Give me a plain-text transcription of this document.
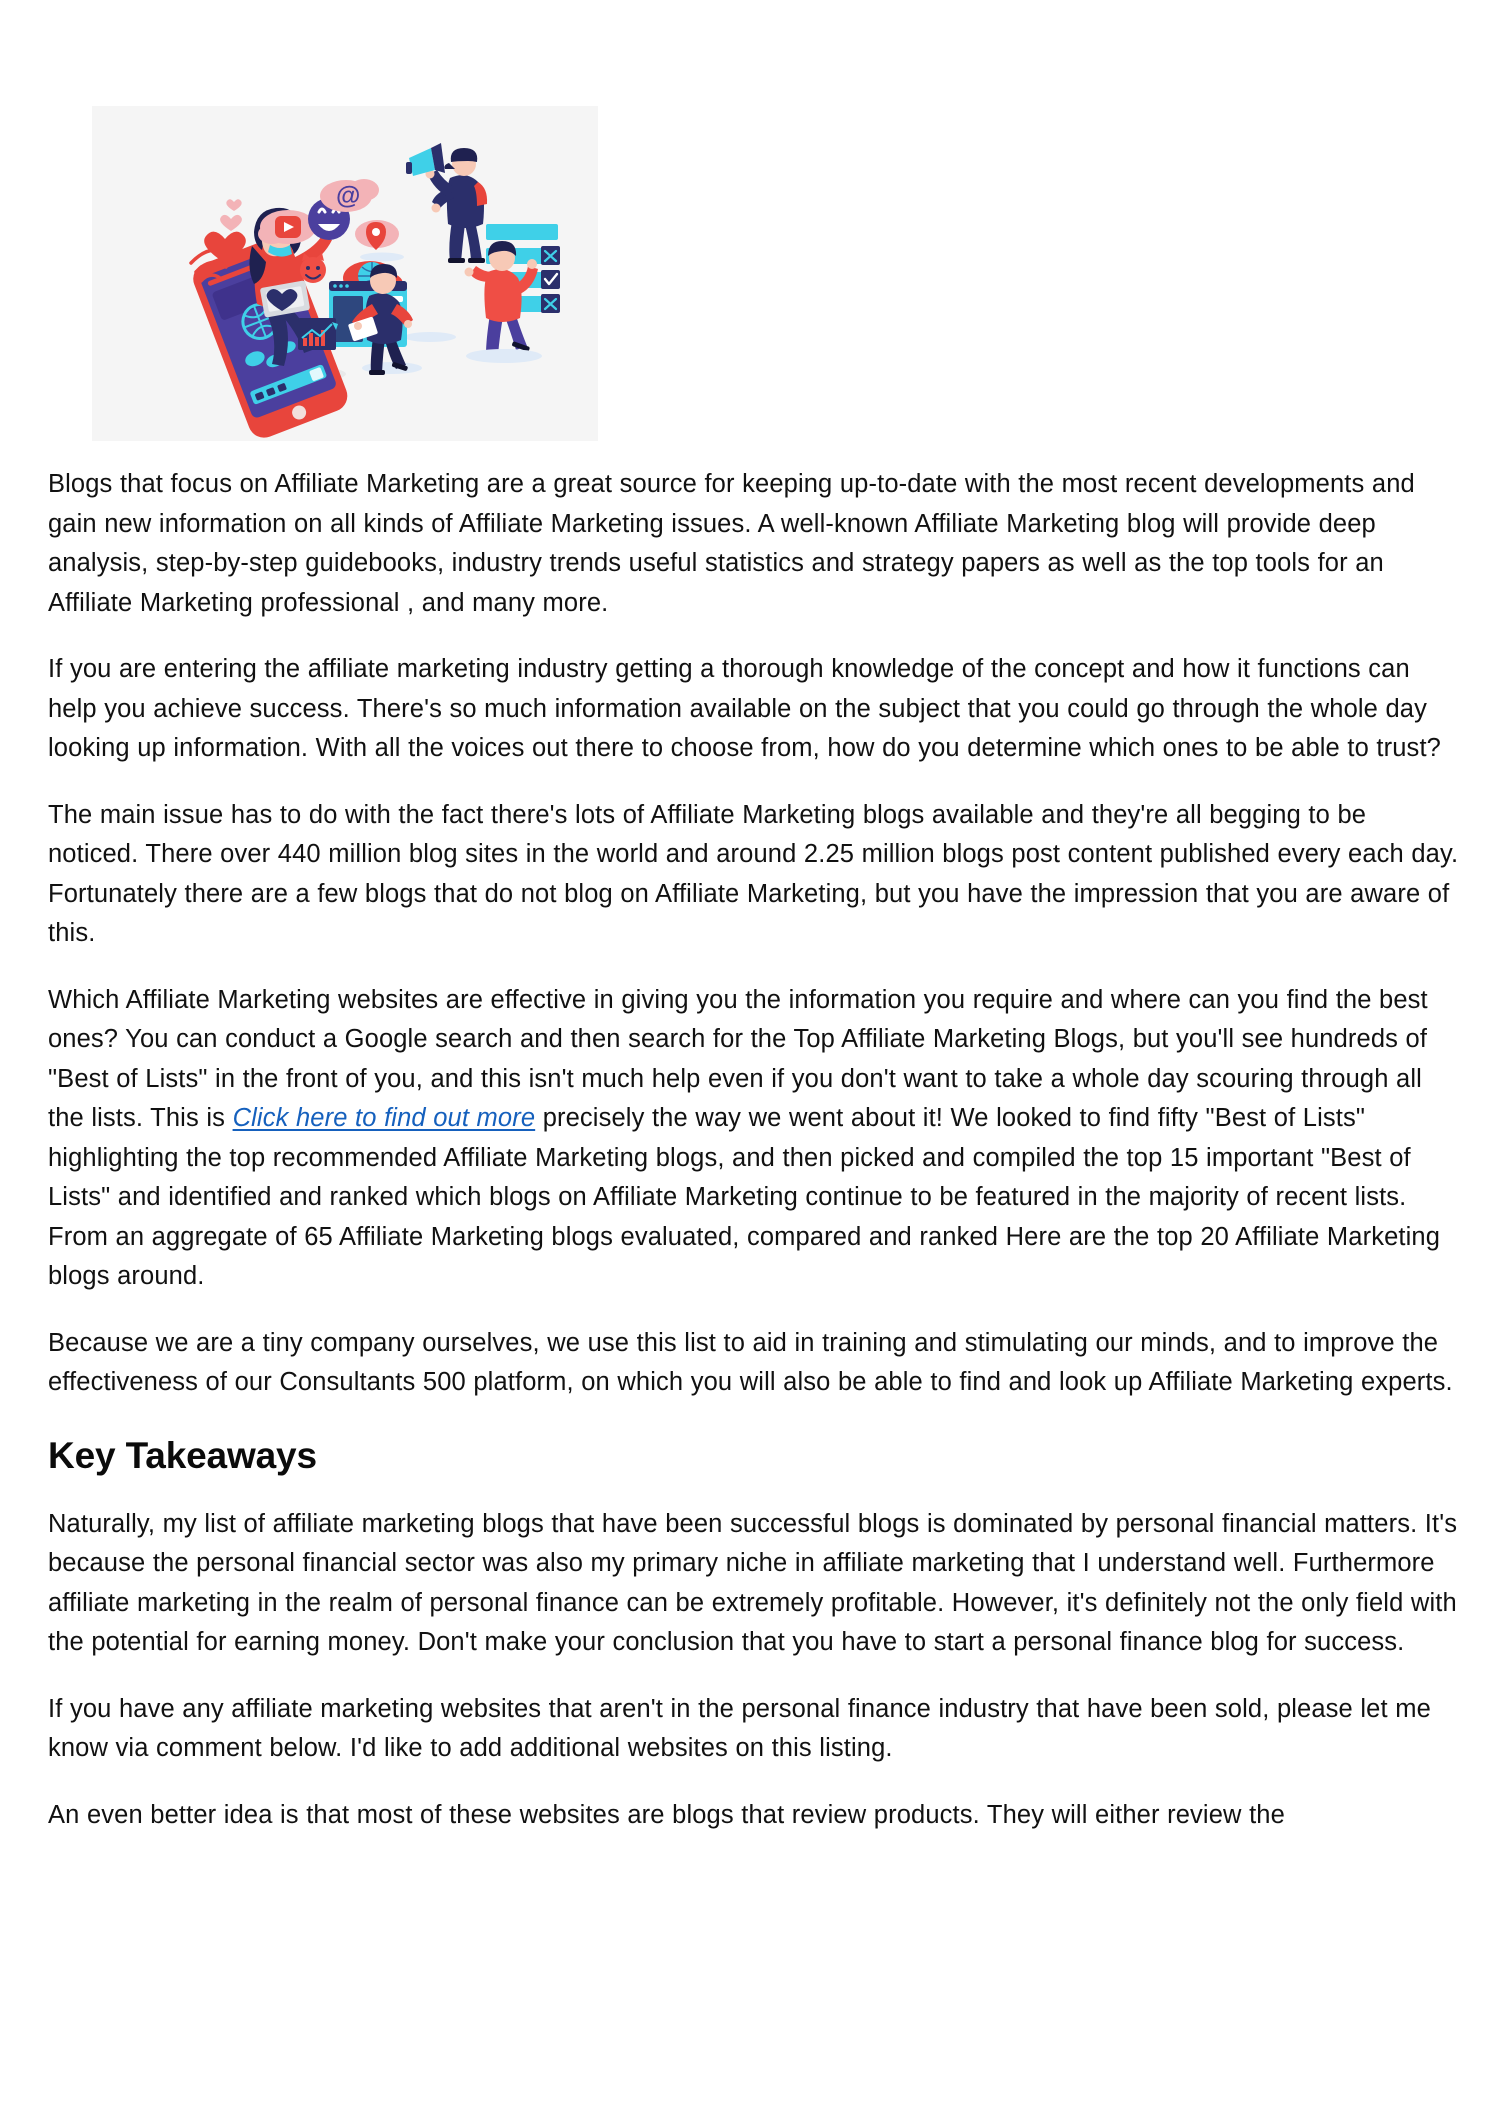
@

Blogs that focus on Affiliate Marketing are a great source for keeping up-to-date with the most recent developments and gain new information on all kinds of Affiliate Marketing issues. A well-known Affiliate Marketing blog will provide deep analysis, step-by-step guidebooks, industry trends useful statistics and strategy papers as well as the top tools for an Affiliate Marketing professional , and many more.

If you are entering the affiliate marketing industry getting a thorough knowledge of the concept and how it functions can help you achieve success. There's so much information available on the subject that you could go through the whole day looking up information. With all the voices out there to choose from, how do you determine which ones to be able to trust?

The main issue has to do with the fact there's lots of Affiliate Marketing blogs available and they're all begging to be noticed. There over 440 million blog sites in the world and around 2.25 million blogs post content published every each day. Fortunately there are a few blogs that do not blog on Affiliate Marketing, but you have the impression that you are aware of this.

Which Affiliate Marketing websites are effective in giving you the information you require and where can you find the best ones? You can conduct a Google search and then search for the Top Affiliate Marketing Blogs, but you'll see hundreds of "Best of Lists" in the front of you, and this isn't much help even if you don't want to take a whole day scouring through all the lists. This is Click here to find out more precisely the way we went about it! We looked to find fifty "Best of Lists" highlighting the top recommended Affiliate Marketing blogs, and then picked and compiled the top 15 important "Best of Lists" and identified and ranked which blogs on Affiliate Marketing continue to be featured in the majority of recent lists. From an aggregate of 65 Affiliate Marketing blogs evaluated, compared and ranked Here are the top 20 Affiliate Marketing blogs around.

Because we are a tiny company ourselves, we use this list to aid in training and stimulating our minds, and to improve the effectiveness of our Consultants 500 platform, on which you will also be able to find and look up Affiliate Marketing experts.

Key Takeaways

Naturally, my list of affiliate marketing blogs that have been successful blogs is dominated by personal financial matters. It's because the personal financial sector was also my primary niche in affiliate marketing that I understand well. Furthermore affiliate marketing in the realm of personal finance can be extremely profitable. However, it's definitely not the only field with the potential for earning money. Don't make your conclusion that you have to start a personal finance blog for success.

If you have any affiliate marketing websites that aren't in the personal finance industry that have been sold, please let me know via comment below. I'd like to add additional websites on this listing.

An even better idea is that most of these websites are blogs that review products. They will either review the
